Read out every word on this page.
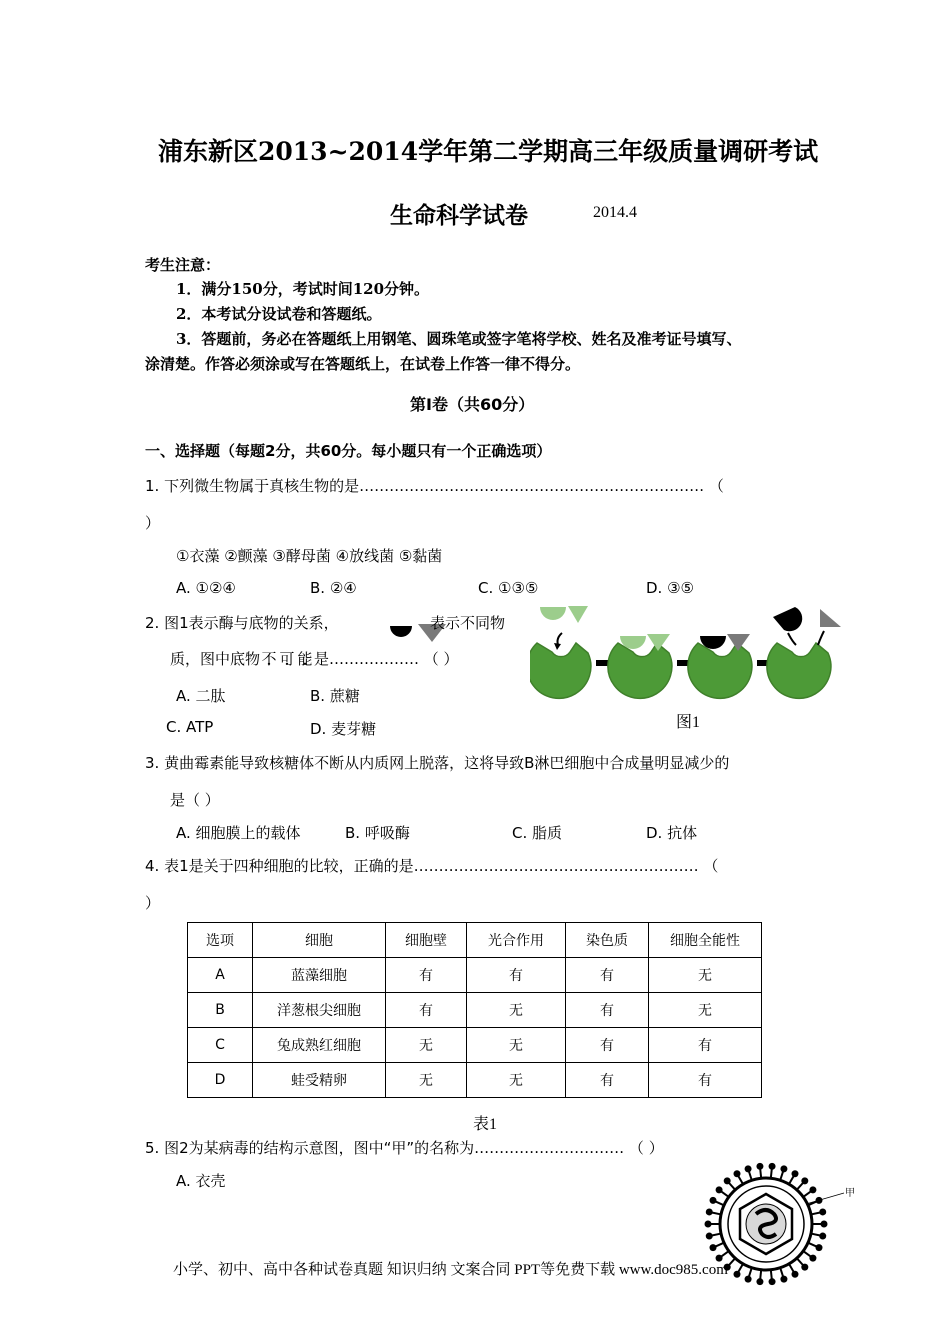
浦东新区2013~2014学年第二学期高三年级质量调研考试
生命科学试卷	2014.4
考生注意：
1．满分150分，考试时间120分钟。
2．本考试分设试卷和答题纸。
3．答题前，务必在答题纸上用钢笔、圆珠笔或签字笔将学校、姓名及准考证号填写、
涂清楚。作答必须涂或写在答题纸上，在试卷上作答一律不得分。
第Ⅰ卷（共60分）
一、选择题（每题2分，共60分。每小题只有一个正确选项）
1. 下列微生物属于真核生物的是…………………………………………………………… （
）
①衣藻 ②颤藻 ③酵母菌 ④放线菌 ⑤黏菌
A. ①②④	B. ②④	C. ①③⑤	D. ③⑤
2. 图1表示酶与底物的关系，	表示不同物
质，图中底物不 可 能 是……………… （ ）
A. 二肽	B. 蔗糖
C. ATP	D. 麦芽糖	图1
3. 黄曲霉素能导致核糖体不断从内质网上脱落，这将导致B淋巴细胞中合成量明显减少的
是（ ）
A. 细胞膜上的载体	B. 呼吸酶	C. 脂质	D. 抗体
4. 表1是关于四种细胞的比较，正确的是………………………………………………… （
）
选项	细胞	细胞壁	光合作用	染色质	细胞全能性
A	蓝藻细胞	有	有	有	无
B	洋葱根尖细胞	有	无	有	无
C	兔成熟红细胞	无	无	有	有
D	蛙受精卵	无	无	有	有
表1
5. 图2为某病毒的结构示意图，图中“甲”的名称为………………………… （ ）
A. 衣壳
甲
小学、初中、高中各种试卷真题 知识归纳 文案合同 PPT等免费下载 www.doc985.com
